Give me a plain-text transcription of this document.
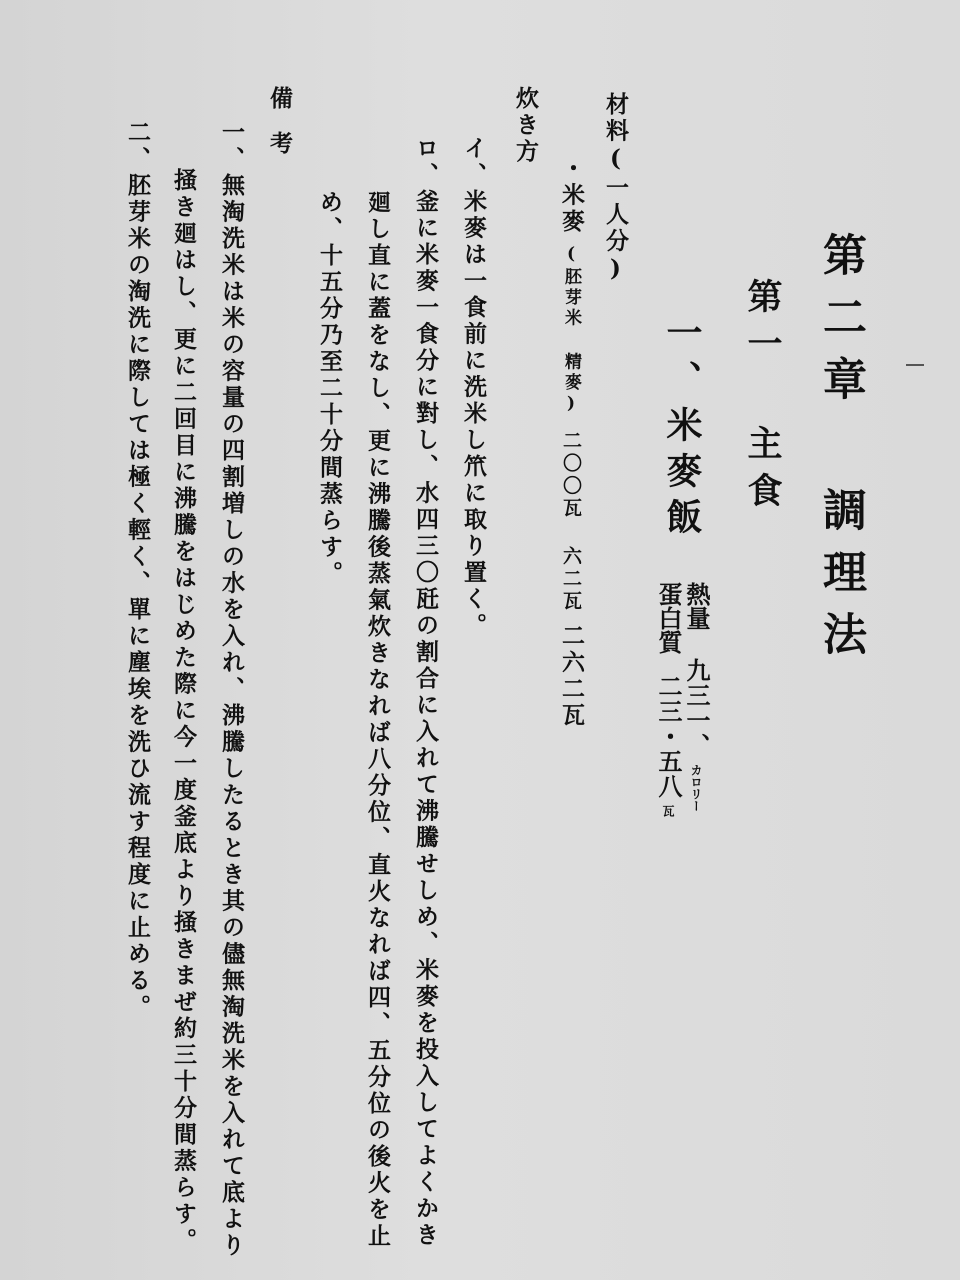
第二章 調理法
第一 主食
一、米麥飯
熱量九三一、カロリー
蛋白質二三・五八瓦
材料(一人分)
・米麥(胚芽米 精麥)二〇〇瓦 六二瓦二六二瓦
炊き方
イ、米麥は一食前に洗米し笊に取り置く。
ロ、釜に米麥一食分に對し、水四三〇瓩の割合に入れて沸騰せしめ、米麥を投入してよくかき
廻し直に蓋をなし、更に沸騰後蒸氣炊きなれば八分位、直火なれば四、五分位の後火を止
め、十五分乃至二十分間蒸らす。
備考
一、無淘洗米は米の容量の四割増しの水を入れ、沸騰したるとき其の儘無淘洗米を入れて底より
掻き廻はし、更に二回目に沸騰をはじめた際に今一度釜底より掻きまぜ約三十分間蒸らす。
二、胚芽米の淘洗に際しては極く輕く、單に塵埃を洗ひ流す程度に止める。
